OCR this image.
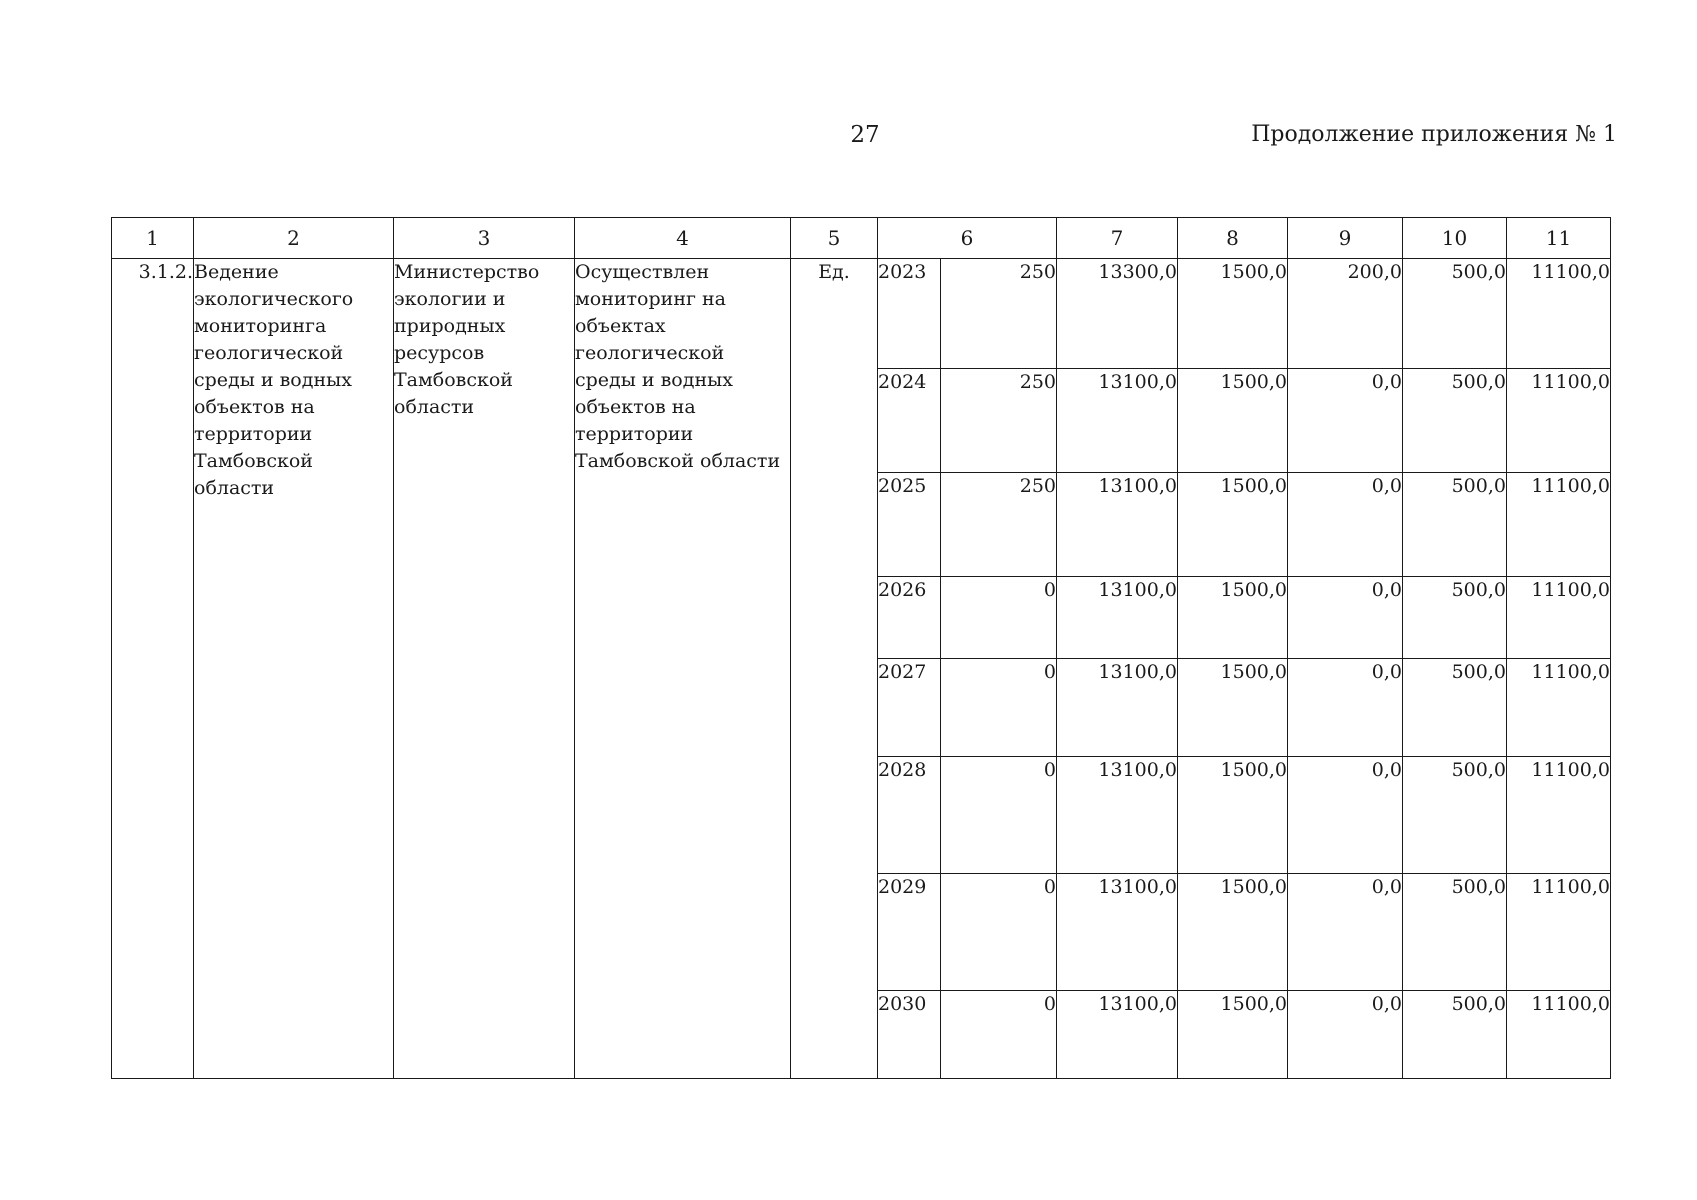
27	Продолжение приложения № 1
1	2	3	4	5	6		7	8	9	10	11
3.1.2.	Ведение экологического мониторинга геологической среды и водных объектов на территории Тамбовской области	Министерство экологии и природных ресурсов Тамбовской области	Осуществлен мониторинг на объектах геологической среды и водных объектов на территории Тамбовской области	Ед.	2023	250	13300,0	1500,0	200,0	500,0	11100,0
					2024	250	13100,0	1500,0	0,0	500,0	11100,0
					2025	250	13100,0	1500,0	0,0	500,0	11100,0
					2026	0	13100,0	1500,0	0,0	500,0	11100,0
					2027	0	13100,0	1500,0	0,0	500,0	11100,0
					2028	0	13100,0	1500,0	0,0	500,0	11100,0
					2029	0	13100,0	1500,0	0,0	500,0	11100,0
					2030	0	13100,0	1500,0	0,0	500,0	11100,0
